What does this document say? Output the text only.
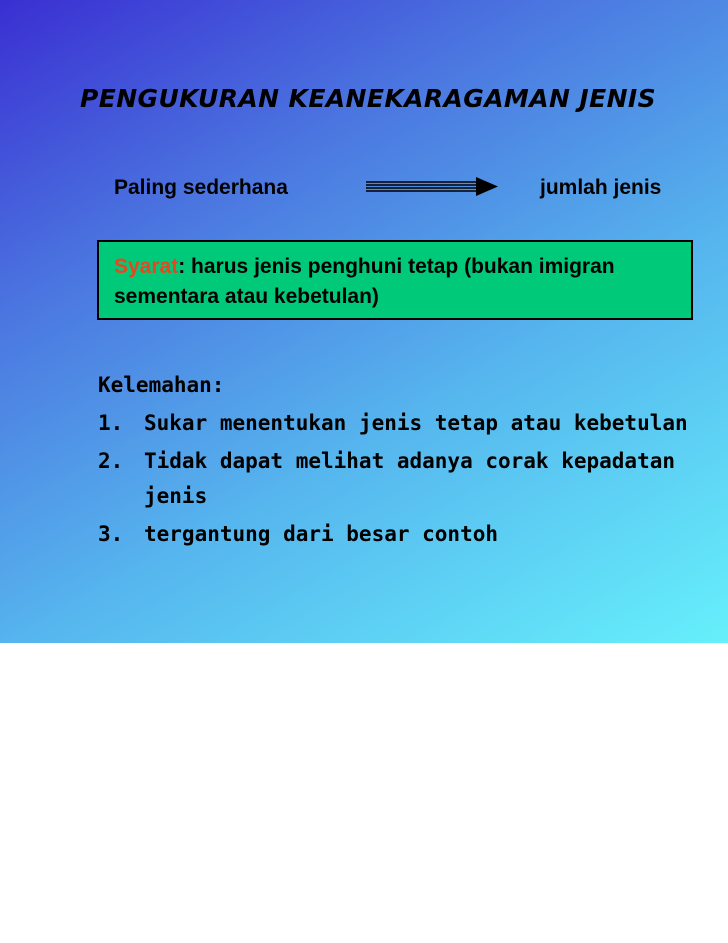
PENGUKURAN KEANEKARAGAMAN JENIS
Paling sederhana	jumlah jenis
Syarat: harus jenis penghuni tetap (bukan imigran sementara atau kebetulan)
Kelemahan:
1. Sukar menentukan jenis tetap atau kebetulan
2. Tidak dapat melihat adanya corak kepadatan jenis
3. tergantung dari besar contoh
